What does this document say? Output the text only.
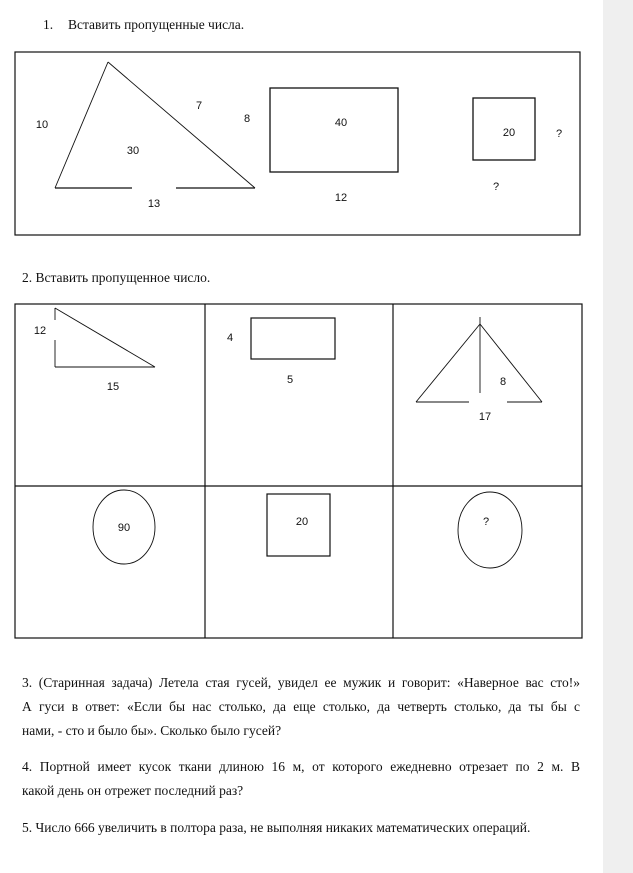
1. Вставить пропущенные числа.
10
7
30
13
8	40
12
20	?
?
12
15
4
5	8
17
90	20	?
2. Вставить пропущенное число.
3. (Старинная задача) Летела стая гусей, увидел ее мужик и говорит: «Наверное вас сто!»
А гуси в ответ: «Если бы нас столько, да еще столько, да четверть столько, да ты бы с
нами, - сто и было бы». Сколько было гусей?
4. Портной имеет кусок ткани длиною 16 м, от которого ежедневно отрезает по 2 м. В
какой день он отрежет последний раз?
5. Число 666 увеличить в полтора раза, не выполняя никаких математических операций.
